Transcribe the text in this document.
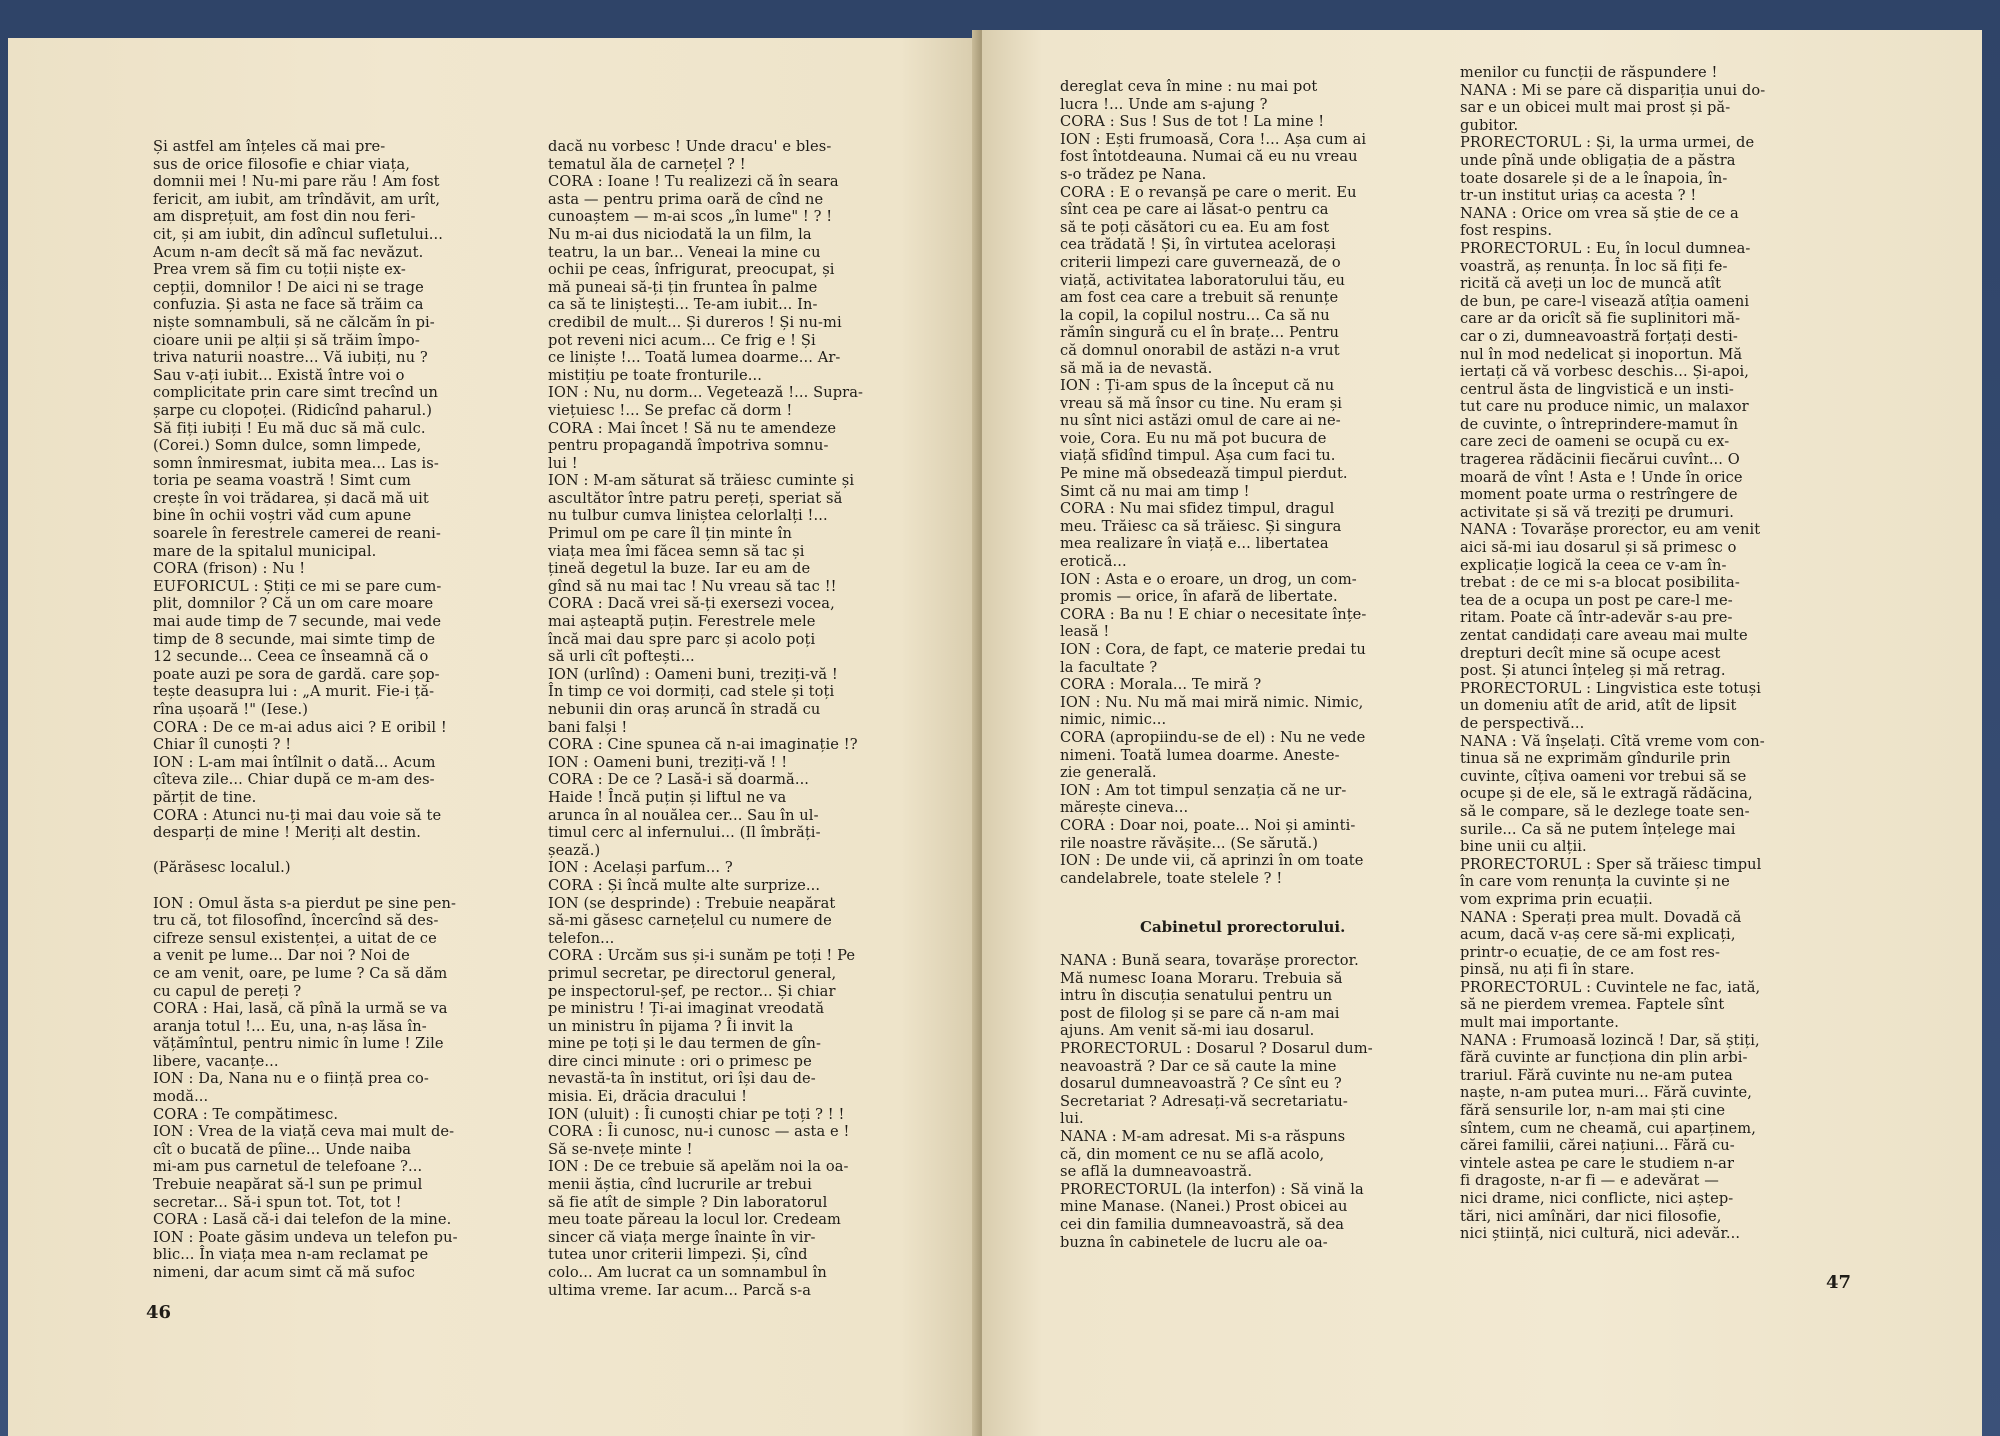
Și astfel am înțeles că mai pre-
sus de orice filosofie e chiar viața,
domnii mei ! Nu-mi pare rău ! Am fost
fericit, am iubit, am trîndăvit, am urît,
am disprețuit, am fost din nou feri-
cit, și am iubit, din adîncul sufletului...
Acum n-am decît să mă fac nevăzut.
Prea vrem să fim cu toții niște ex-
cepții, domnilor ! De aici ni se trage
confuzia. Și asta ne face să trăim ca
niște somnambuli, să ne călcăm în pi-
cioare unii pe alții și să trăim împo-
triva naturii noastre... Vă iubiți, nu ?
Sau v-ați iubit... Există între voi o
complicitate prin care simt trecînd un
șarpe cu clopoței. (Ridicînd paharul.)
Să fiți iubiți ! Eu mă duc să mă culc.
(Corei.) Somn dulce, somn limpede,
somn înmiresmat, iubita mea... Las is-
toria pe seama voastră ! Simt cum
crește în voi trădarea, și dacă mă uit
bine în ochii voștri văd cum apune
soarele în ferestrele camerei de reani-
mare de la spitalul municipal.
CORA (frison) : Nu !
EUFORICUL : Știți ce mi se pare cum-
plit, domnilor ? Că un om care moare
mai aude timp de 7 secunde, mai vede
timp de 8 secunde, mai simte timp de
12 secunde... Ceea ce înseamnă că o
poate auzi pe sora de gardă. care șop-
tește deasupra lui : „A murit. Fie-i ță-
rîna ușoară !" (Iese.)
CORA : De ce m-ai adus aici ? E oribil !
Chiar îl cunoști ? !
ION : L-am mai întîlnit o dată... Acum
cîteva zile... Chiar după ce m-am des-
părțit de tine.
CORA : Atunci nu-ți mai dau voie să te
desparți de mine ! Meriți alt destin.

(Părăsesc localul.)

ION : Omul ăsta s-a pierdut pe sine pen-
tru că, tot filosofînd, încercînd să des-
cifreze sensul existenței, a uitat de ce
a venit pe lume... Dar noi ? Noi de
ce am venit, oare, pe lume ? Ca să dăm
cu capul de pereți ?
CORA : Hai, lasă, că pînă la urmă se va
aranja totul !... Eu, una, n-aș lăsa în-
vățămîntul, pentru nimic în lume ! Zile
libere, vacanțe...
ION : Da, Nana nu e o ființă prea co-
modă...
CORA : Te compătimesc.
ION : Vrea de la viață ceva mai mult de-
cît o bucată de pîine... Unde naiba
mi-am pus carnetul de telefoane ?...
Trebuie neapărat să-l sun pe primul
secretar... Să-i spun tot. Tot, tot !
CORA : Lasă că-i dai telefon de la mine.
ION : Poate găsim undeva un telefon pu-
blic... În viața mea n-am reclamat pe
nimeni, dar acum simt că mă sufoc
dacă nu vorbesc ! Unde dracu' e bles-
tematul ăla de carnețel ? !
CORA : Ioane ! Tu realizezi că în seara
asta — pentru prima oară de cînd ne
cunoaștem — m-ai scos „în lume" ! ? !
Nu m-ai dus niciodată la un film, la
teatru, la un bar... Veneai la mine cu
ochii pe ceas, înfrigurat, preocupat, și
mă puneai să-ți țin fruntea în palme
ca să te liniștești... Te-am iubit... In-
credibil de mult... Și dureros ! Și nu-mi
pot reveni nici acum... Ce frig e ! Și
ce liniște !... Toată lumea doarme... Ar-
mistițiu pe toate fronturile...
ION : Nu, nu dorm... Vegetează !... Supra-
viețuiesc !... Se prefac că dorm !
CORA : Mai încet ! Să nu te amendeze
pentru propagandă împotriva somnu-
lui !
ION : M-am săturat să trăiesc cuminte și
ascultător între patru pereți, speriat să
nu tulbur cumva liniștea celorlalți !...
Primul om pe care îl țin minte în
viața mea îmi făcea semn să tac și
țineă degetul la buze. Iar eu am de
gînd să nu mai tac ! Nu vreau să tac !!
CORA : Dacă vrei să-ți exersezi vocea,
mai așteaptă puțin. Ferestrele mele
încă mai dau spre parc și acolo poți
să urli cît poftești...
ION (urlînd) : Oameni buni, treziți-vă !
În timp ce voi dormiți, cad stele și toți
nebunii din oraș aruncă în stradă cu
bani falși !
CORA : Cine spunea că n-ai imaginație !?
ION : Oameni buni, treziți-vă ! !
CORA : De ce ? Lasă-i să doarmă...
Haide ! Încă puțin și liftul ne va
arunca în al nouălea cer... Sau în ul-
timul cerc al infernului... (Il îmbrăți-
șează.)
ION : Același parfum... ?
CORA : Și încă multe alte surprize...
ION (se desprinde) : Trebuie neapărat
să-mi găsesc carnețelul cu numere de
telefon...
CORA : Urcăm sus și-i sunăm pe toți ! Pe
primul secretar, pe directorul general,
pe inspectorul-șef, pe rector... Și chiar
pe ministru ! Ți-ai imaginat vreodată
un ministru în pijama ? Îi invit la
mine pe toți și le dau termen de gîn-
dire cinci minute : ori o primesc pe
nevastă-ta în institut, ori își dau de-
misia. Ei, drăcia dracului !
ION (uluit) : Îi cunoști chiar pe toți ? ! !
CORA : Îi cunosc, nu-i cunosc — asta e !
Să se-nvețe minte !
ION : De ce trebuie să apelăm noi la oa-
menii ăștia, cînd lucrurile ar trebui
să fie atît de simple ? Din laboratorul
meu toate păreau la locul lor. Credeam
sincer că viața merge înainte în vir-
tutea unor criterii limpezi. Și, cînd
colo... Am lucrat ca un somnambul în
ultima vreme. Iar acum... Parcă s-a
dereglat ceva în mine : nu mai pot
lucra !... Unde am s-ajung ?
CORA : Sus ! Sus de tot ! La mine !
ION : Ești frumoasă, Cora !... Așa cum ai
fost întotdeauna. Numai că eu nu vreau
s-o trădez pe Nana.
CORA : E o revanșă pe care o merit. Eu
sînt cea pe care ai lăsat-o pentru ca
să te poți căsători cu ea. Eu am fost
cea trădată ! Și, în virtutea acelorași
criterii limpezi care guvernează, de o
viață, activitatea laboratorului tău, eu
am fost cea care a trebuit să renunțe
la copil, la copilul nostru... Ca să nu
rămîn singură cu el în brațe... Pentru
că domnul onorabil de astăzi n-a vrut
să mă ia de nevastă.
ION : Ți-am spus de la început că nu
vreau să mă însor cu tine. Nu eram și
nu sînt nici astăzi omul de care ai ne-
voie, Cora. Eu nu mă pot bucura de
viață sfidînd timpul. Așa cum faci tu.
Pe mine mă obsedează timpul pierdut.
Simt că nu mai am timp !
CORA : Nu mai sfidez timpul, dragul
meu. Trăiesc ca să trăiesc. Și singura
mea realizare în viață e... libertatea
erotică...
ION : Asta e o eroare, un drog, un com-
promis — orice, în afară de libertate.
CORA : Ba nu ! E chiar o necesitate înțe-
leasă !
ION : Cora, de fapt, ce materie predai tu
la facultate ?
CORA : Morala... Te miră ?
ION : Nu. Nu mă mai miră nimic. Nimic,
nimic, nimic...
CORA (apropiindu-se de el) : Nu ne vede
nimeni. Toată lumea doarme. Aneste-
zie generală.
ION : Am tot timpul senzația că ne ur-
mărește cineva...
CORA : Doar noi, poate... Noi și aminti-
rile noastre răvășite... (Se sărută.)
ION : De unde vii, că aprinzi în om toate
candelabrele, toate stelele ? !
Cabinetul prorectorului.
NANA : Bună seara, tovarășe prorector.
Mă numesc Ioana Moraru. Trebuia să
intru în discuția senatului pentru un
post de filolog și se pare că n-am mai
ajuns. Am venit să-mi iau dosarul.
PRORECTORUL : Dosarul ? Dosarul dum-
neavoastră ? Dar ce să caute la mine
dosarul dumneavoastră ? Ce sînt eu ?
Secretariat ? Adresați-vă secretariatu-
lui.
NANA : M-am adresat. Mi s-a răspuns
că, din moment ce nu se află acolo,
se află la dumneavoastră.
PRORECTORUL (la interfon) : Să vină la
mine Manase. (Nanei.) Prost obicei au
cei din familia dumneavoastră, să dea
buzna în cabinetele de lucru ale oa-
menilor cu funcții de răspundere !
NANA : Mi se pare că dispariția unui do-
sar e un obicei mult mai prost și pă-
gubitor.
PRORECTORUL : Și, la urma urmei, de
unde pînă unde obligația de a păstra
toate dosarele și de a le înapoia, în-
tr-un institut uriaș ca acesta ? !
NANA : Orice om vrea să știe de ce a
fost respins.
PRORECTORUL : Eu, în locul dumnea-
voastră, aș renunța. În loc să fiți fe-
ricită că aveți un loc de muncă atît
de bun, pe care-l visează atîția oameni
care ar da oricît să fie suplinitori mă-
car o zi, dumneavoastră forțați desti-
nul în mod nedelicat și inoportun. Mă
iertați că vă vorbesc deschis... Și-apoi,
centrul ăsta de lingvistică e un insti-
tut care nu produce nimic, un malaxor
de cuvinte, o întreprindere-mamut în
care zeci de oameni se ocupă cu ex-
tragerea rădăcinii fiecărui cuvînt... O
moară de vînt ! Asta e ! Unde în orice
moment poate urma o restrîngere de
activitate și să vă treziți pe drumuri.
NANA : Tovarășe prorector, eu am venit
aici să-mi iau dosarul și să primesc o
explicație logică la ceea ce v-am în-
trebat : de ce mi s-a blocat posibilita-
tea de a ocupa un post pe care-l me-
ritam. Poate că într-adevăr s-au pre-
zentat candidați care aveau mai multe
drepturi decît mine să ocupe acest
post. Și atunci înțeleg și mă retrag.
PRORECTORUL : Lingvistica este totuși
un domeniu atît de arid, atît de lipsit
de perspectivă...
NANA : Vă înșelați. Cîtă vreme vom con-
tinua să ne exprimăm gîndurile prin
cuvinte, cîțiva oameni vor trebui să se
ocupe și de ele, să le extragă rădăcina,
să le compare, să le dezlege toate sen-
surile... Ca să ne putem înțelege mai
bine unii cu alții.
PRORECTORUL : Sper să trăiesc timpul
în care vom renunța la cuvinte și ne
vom exprima prin ecuații.
NANA : Sperați prea mult. Dovadă că
acum, dacă v-aș cere să-mi explicați,
printr-o ecuație, de ce am fost res-
pinsă, nu ați fi în stare.
PRORECTORUL : Cuvintele ne fac, iată,
să ne pierdem vremea. Faptele sînt
mult mai importante.
NANA : Frumoasă lozincă ! Dar, să știți,
fără cuvinte ar funcționa din plin arbi-
trariul. Fără cuvinte nu ne-am putea
naște, n-am putea muri... Fără cuvinte,
fără sensurile lor, n-am mai ști cine
sîntem, cum ne cheamă, cui aparținem,
cărei familii, cărei națiuni... Fără cu-
vintele astea pe care le studiem n-ar
fi dragoste, n-ar fi — e adevărat —
nici drame, nici conflicte, nici aștep-
tări, nici amînări, dar nici filosofie,
nici știință, nici cultură, nici adevăr...
46
47
